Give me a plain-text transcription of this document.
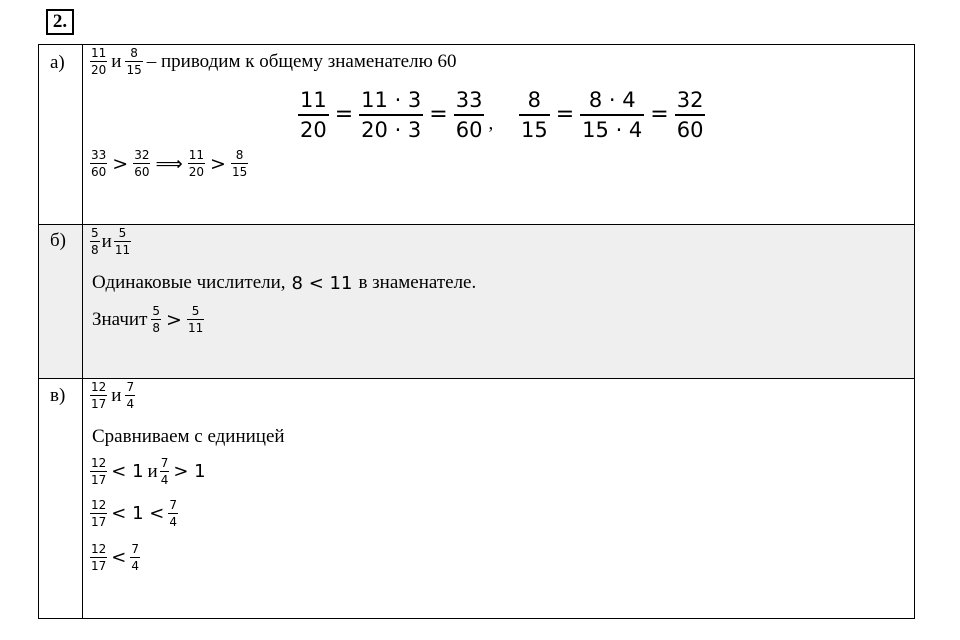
2.
$а) \frac{11}{20}$ и $\frac{8}{15}$ – приводим к общему знаменателю 60
$\frac{11}{20} = \frac{11 \cdot 3}{20 \cdot 3} = \frac{33}{60}$ , $\frac{8}{15} = \frac{8 \cdot 4}{15 \cdot 4} = \frac{32}{60}$
$\frac{33}{60} > \frac{32}{60}$ ⟹ $\frac{11}{20} > \frac{8}{15}$
$б) \frac{5}{8}$ и $\frac{5}{11}$
Одинаковые числители, 8 < 11 в знаменателе.
Значит $\frac{5}{8} > \frac{5}{11}$
$в) \frac{12}{17}$ и $\frac{7}{4}$
Сравниваем с единицей
$\frac{12}{17} < 1$ и $\frac{7}{4} > 1$
$\frac{12}{17} < 1 < \frac{7}{4}$
$\frac{12}{17} < \frac{7}{4}$
